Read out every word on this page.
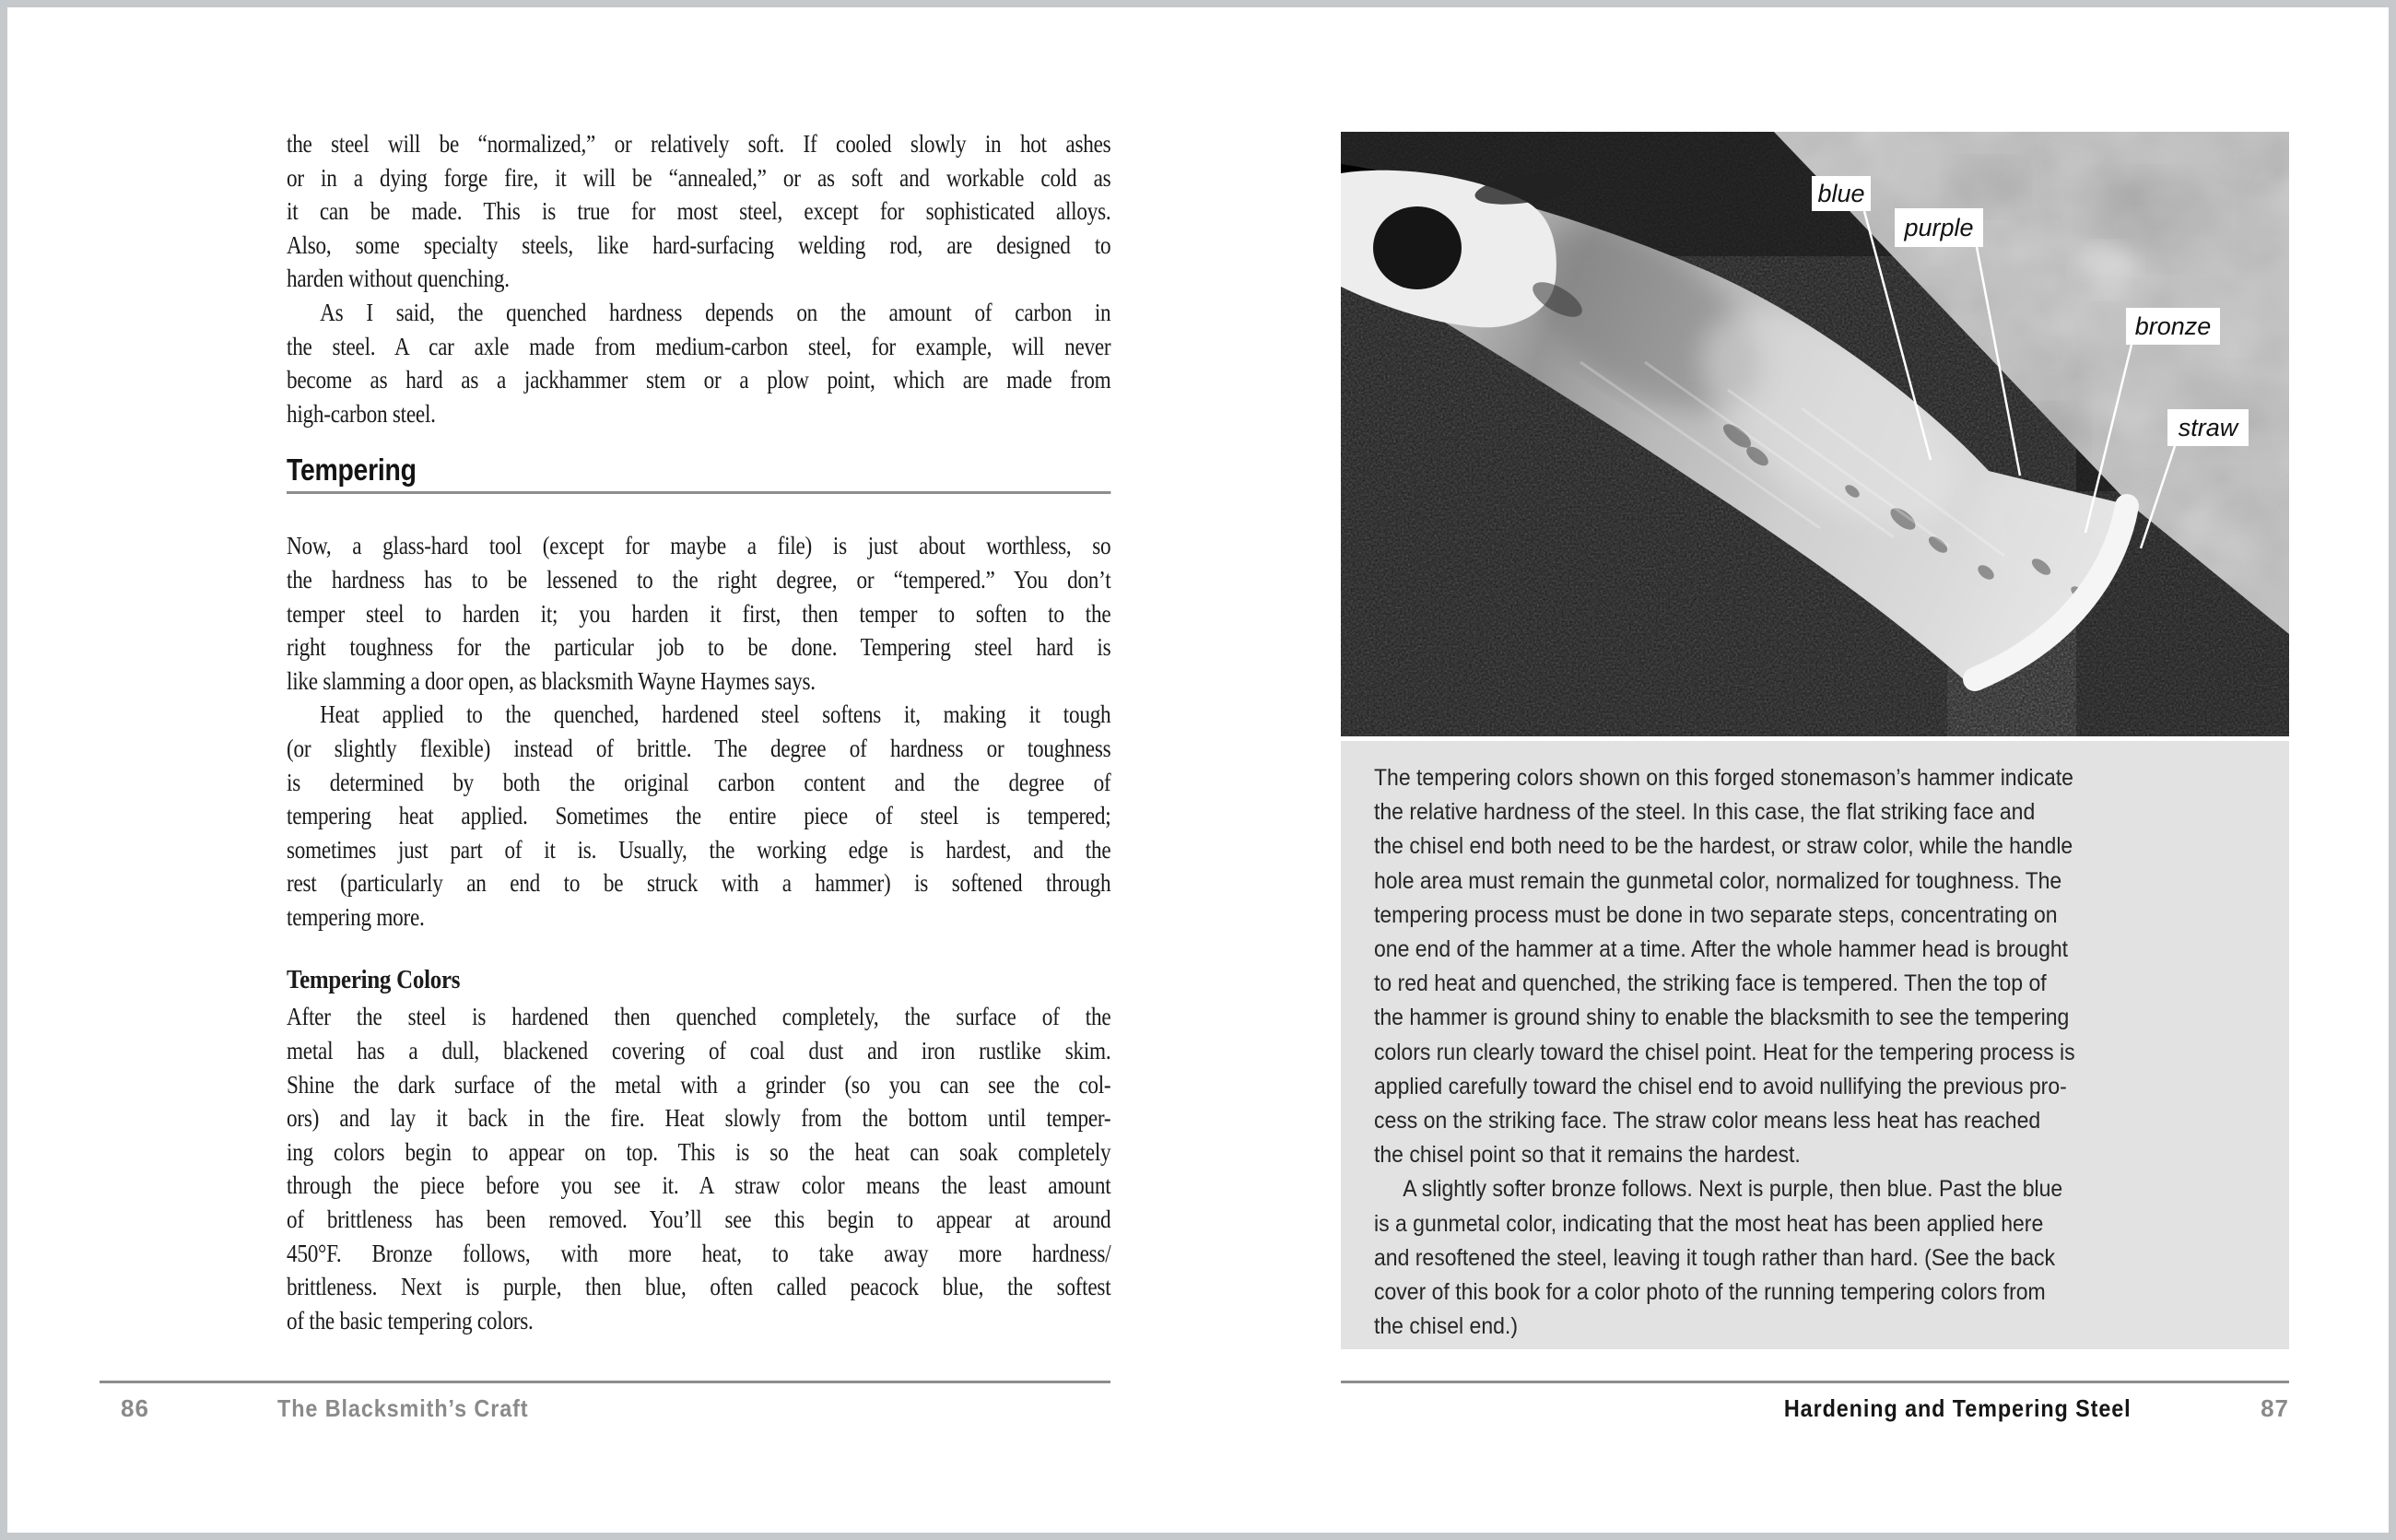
the steel will be “normalized,” or relatively soft. If cooled slowly in hot ashes
or in a dying forge fire, it will be “annealed,” or as soft and workable cold as
it can be made. This is true for most steel, except for sophisticated alloys.
Also, some specialty steels, like hard-surfacing welding rod, are designed to
harden without quenching.
As I said, the quenched hardness depends on the amount of carbon in
the steel. A car axle made from medium-carbon steel, for example, will never
become as hard as a jackhammer stem or a plow point, which are made from
high-carbon steel.
Tempering
Now, a glass-hard tool (except for maybe a file) is just about worthless, so
the hardness has to be lessened to the right degree, or “tempered.” You don’t
temper steel to harden it; you harden it first, then temper to soften to the
right toughness for the particular job to be done. Tempering steel hard is
like slamming a door open, as blacksmith Wayne Haymes says.
Heat applied to the quenched, hardened steel softens it, making it tough
(or slightly flexible) instead of brittle. The degree of hardness or toughness
is determined by both the original carbon content and the degree of
tempering heat applied. Sometimes the entire piece of steel is tempered;
sometimes just part of it is. Usually, the working edge is hardest, and the
rest (particularly an end to be struck with a hammer) is softened through
tempering more.
Tempering Colors
After the steel is hardened then quenched completely, the surface of the
metal has a dull, blackened covering of coal dust and iron rustlike skim.
Shine the dark surface of the metal with a grinder (so you can see the col-
ors) and lay it back in the fire. Heat slowly from the bottom until temper-
ing colors begin to appear on top. This is so the heat can soak completely
through the piece before you see it. A straw color means the least amount
of brittleness has been removed. You’ll see this begin to appear at around
450°F. Bronze follows, with more heat, to take away more hardness/
brittleness. Next is purple, then blue, often called peacock blue, the softest
of the basic tempering colors.
86	The Blacksmith’s Craft
blue
purple
bronze
straw
The tempering colors shown on this forged stonemason’s hammer indicate
the relative hardness of the steel. In this case, the flat striking face and
the chisel end both need to be the hardest, or straw color, while the handle
hole area must remain the gunmetal color, normalized for toughness. The
tempering process must be done in two separate steps, concentrating on
one end of the hammer at a time. After the whole hammer head is brought
to red heat and quenched, the striking face is tempered. Then the top of
the hammer is ground shiny to enable the blacksmith to see the tempering
colors run clearly toward the chisel point. Heat for the tempering process is
applied carefully toward the chisel end to avoid nullifying the previous pro-
cess on the striking face. The straw color means less heat has reached
the chisel point so that it remains the hardest.
A slightly softer bronze follows. Next is purple, then blue. Past the blue
is a gunmetal color, indicating that the most heat has been applied here
and resoftened the steel, leaving it tough rather than hard. (See the back
cover of this book for a color photo of the running tempering colors from
the chisel end.)
Hardening and Tempering Steel	87
